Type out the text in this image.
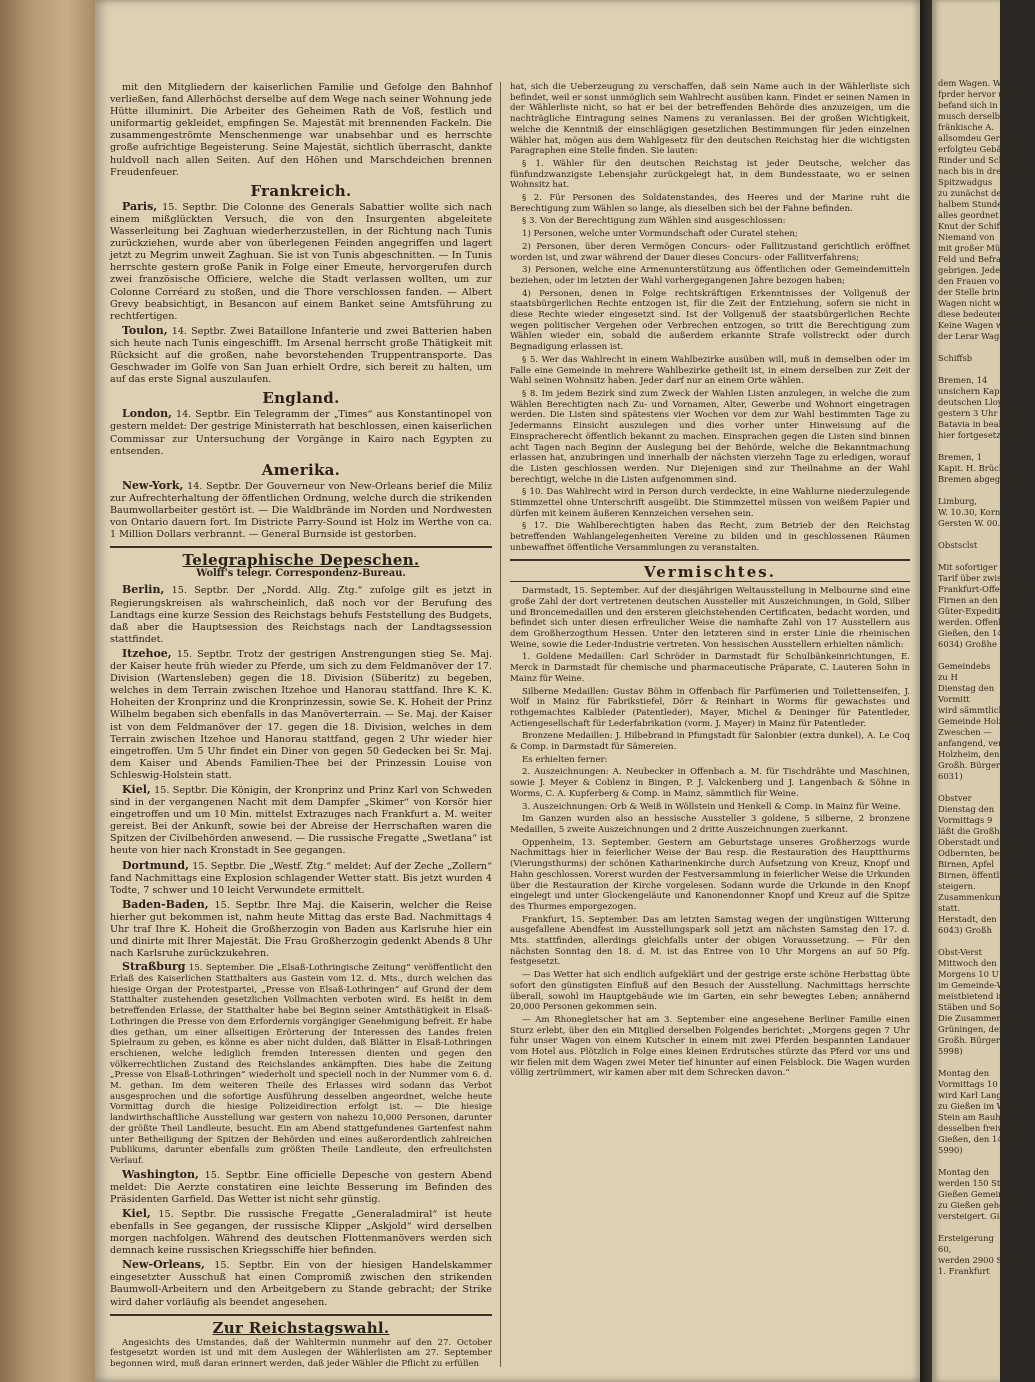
dem Wagen. W
fprder hervor und
befand sich in
musch derselben
fränkische A.
allsomdeu Gericht
erfolgteu Gebäude
Rinder und Schriften
nach bis in dre Fache
Spitzwadgus
zu zunächst der
halbem Stunde
alles geordnet
Knut der Schiffe.
Niemand von
mit großer Mühe
Feld und Befra
gebrigen. Jeder
den Frauen voll
der Stelle bringen
Wagen nicht wieder
diese bedeutend
Keine Wagen wurden
der Lerar Wagen

Schiffsb

Bremen, 14
unsichern Kapit
deutschen Lloyd
gestern 3 Uhr Nach
Batavia in beabsich
hier fortgesetzt. C

Bremen, 1
Kapit. H. Brück,
Bremen abgegangen

Limburg,
W. 10.30, Korn
Gersten W. 00.00,

Obstsclst

Mit sofortiger G
Tarif über zwischen
Frankfurt-Offenbachsc
Firnen an den Buchh
Güter-Expeditionen
werden. Offenba
Gießen, den 14.
6034) Großhe

Gemeindebs
zu H
Dienstag den
Vormitt
wird sämmtliche
Gemeinde Holzhe
Zweschen —
anfangend, verse
Holzheim, den
Großh. Bürgerme
6031)

Obstver
Dienstag den
Vormittags 9
läßt die Großh.
Oberstadt und Arnsb
Odbernten, besteh
Birnen, Apfel
Birnen, öffentlich
steigern.
Zusammenkunft
statt.
Herstadt, den 1
6043) Großh

Obst-Verst
Mittwoch den
Morgens 10 U
im Gemeinde-W
meistbietend in
Stäben und Son
Die Zusammenkun
Grüningen, den
Großh. Bürger
5998)

Montag den
Vormittags 10
wird Karl Lange
zu Gießen im Wald
Stein am Rauhen
desselben freiwillig
Gießen, den 14. S
5990)

Montag den
werden 150 Stück
Gießen Gemeinde
zu Gießen gehörigen
versteigert. Gie

Ersteigerung
60,
werden 2900 Stück
1. Frankfurt

mit den Mitgliedern der kaiserlichen Familie und Gefolge den Bahnhof verließen, fand Allerhöchst derselbe auf dem Wege nach seiner Wohnung jede Hütte illuminirt. Die Arbeiter des Geheimen Rath de Voß, festlich und uniformartig gekleidet, empfingen Se. Majestät mit brennenden Fackeln. Die zusammengeströmte Menschenmenge war unabsehbar und es herrschte große aufrichtige Begeisterung. Seine Majestät, sichtlich überrascht, dankte huldvoll nach allen Seiten. Auf den Höhen und Marschdeichen brennen Freudenfeuer.

Frankreich.

Paris, 15. Septbr. Die Colonne des Generals Sabattier wollte sich nach einem mißglückten Versuch, die von den Insurgenten abgeleitete Wasserleitung bei Zaghuan wiederherzustellen, in der Richtung nach Tunis zurückziehen, wurde aber von überlegenen Feinden angegriffen und lagert jetzt zu Megrim unweit Zaghuan. Sie ist von Tunis abgeschnitten. — In Tunis herrschte gestern große Panik in Folge einer Emeute, hervorgerufen durch zwei französische Officiere, welche die Stadt verlassen wollten, um zur Colonne Corréard zu stoßen, und die Thore verschlossen fanden. — Albert Grevy beabsichtigt, in Besancon auf einem Banket seine Amtsführung zu rechtfertigen.

Toulon, 14. Septbr. Zwei Bataillone Infanterie und zwei Batterien haben sich heute nach Tunis eingeschifft. Im Arsenal herrscht große Thätigkeit mit Rücksicht auf die großen, nahe bevorstehenden Truppentransporte. Das Geschwader im Golfe von San Juan erhielt Ordre, sich bereit zu halten, um auf das erste Signal auszulaufen.

England.

London, 14. Septbr. Ein Telegramm der „Times“ aus Konstantinopel von gestern meldet: Der gestrige Ministerrath hat beschlossen, einen kaiserlichen Commissar zur Untersuchung der Vorgänge in Kairo nach Egypten zu entsenden.

Amerika.

New-York, 14. Septbr. Der Gouverneur von New-Orleans berief die Miliz zur Aufrechterhaltung der öffentlichen Ordnung, welche durch die strikenden Baumwollarbeiter gestört ist. — Die Waldbrände im Norden und Nordwesten von Ontario dauern fort. Im Districte Parry-Sound ist Holz im Werthe von ca. 1 Million Dollars verbrannt. — General Burnside ist gestorben.

Telegraphische Depeschen.
Wolff's telegr. Correspondenz-Bureau.

Berlin, 15. Septbr. Der „Nordd. Allg. Ztg.“ zufolge gilt es jetzt in Regierungskreisen als wahrscheinlich, daß noch vor der Berufung des Landtags eine kurze Session des Reichstags behufs Feststellung des Budgets, daß aber die Hauptsession des Reichstags nach der Landtagssession stattfindet.

Itzehoe, 15. Septbr. Trotz der gestrigen Anstrengungen stieg Se. Maj. der Kaiser heute früh wieder zu Pferde, um sich zu dem Feldmanöver der 17. Division (Wartensleben) gegen die 18. Division (Süberitz) zu begeben, welches in dem Terrain zwischen Itzehoe und Hanorau stattfand. Ihre K. K. Hoheiten der Kronprinz und die Kronprinzessin, sowie Se. K. Hoheit der Prinz Wilhelm begaben sich ebenfalls in das Manöverterrain. — Se. Maj. der Kaiser ist von dem Feldmanöver der 17. gegen die 18. Division, welches in dem Terrain zwischen Itzehoe und Hanorau stattfand, gegen 2 Uhr wieder hier eingetroffen. Um 5 Uhr findet ein Diner von gegen 50 Gedecken bei Sr. Maj. dem Kaiser und Abends Familien-Thee bei der Prinzessin Louise von Schleswig-Holstein statt.

Kiel, 15. Septbr. Die Königin, der Kronprinz und Prinz Karl von Schweden sind in der vergangenen Nacht mit dem Dampfer „Skimer“ von Korsör hier eingetroffen und um 10 Min. mittelst Extrazuges nach Frankfurt a. M. weiter gereist. Bei der Ankunft, sowie bei der Abreise der Herrschaften waren die Spitzen der Civilbehörden anwesend. — Die russische Fregatte „Swetlana“ ist heute von hier nach Kronstadt in See gegangen.

Dortmund, 15. Septbr. Die „Westf. Ztg.“ meldet: Auf der Zeche „Zollern“ fand Nachmittags eine Explosion schlagender Wetter statt. Bis jetzt wurden 4 Todte, 7 schwer und 10 leicht Verwundete ermittelt.

Baden-Baden, 15. Septbr. Ihre Maj. die Kaiserin, welcher die Reise hierher gut bekommen ist, nahm heute Mittag das erste Bad. Nachmittags 4 Uhr traf Ihre K. Hoheit die Großherzogin von Baden aus Karlsruhe hier ein und dinirte mit Ihrer Majestät. Die Frau Großherzogin gedenkt Abends 8 Uhr nach Karlsruhe zurückzukehren.

Straßburg 15. September. Die „Elsaß-Lothringische Zeitung“ veröffentlicht den Erlaß des Kaiserlichen Statthalters aus Gastein vom 12. d. Mts., durch welchen das hiesige Organ der Protestpartei, „Presse von Elsaß-Lothringen“ auf Grund der dem Statthalter zustehenden gesetzlichen Vollmachten verboten wird. Es heißt in dem betreffenden Erlasse, der Statthalter habe bei Beginn seiner Amtsthätigkeit in Elsaß-Lothringen die Presse von dem Erfordernis vorgängiger Genehmigung befreit. Er habe dies gethan, um einer allseitigen Erörterung der Interessen des Landes freien Spielraum zu geben, es könne es aber nicht dulden, daß Blätter in Elsaß-Lothringen erschienen, welche lediglich fremden Interessen dienten und gegen den völkerrechtlichen Zustand des Reichslandes ankämpften. Dies habe die Zeitung „Presse von Elsaß-Lothringen“ wiederholt und speciell noch in der Nummer vom 6. d. M. gethan. Im dem weiteren Theile des Erlasses wird sodann das Verbot ausgesprochen und die sofortige Ausführung desselben angeordnet, welche heute Vormittag durch die hiesige Polizeidirection erfolgt ist. — Die hiesige landwirthschaftliche Ausstellung war gestern von nahezu 10,000 Personen, darunter der größte Theil Landleute, besucht. Ein am Abend stattgefundenes Gartenfest nahm unter Betheiligung der Spitzen der Behörden und eines außerordentlich zahlreichen Publikums, darunter ebenfalls zum größten Theile Landleute, den erfreulichsten Verlauf.

Washington, 15. Septbr. Eine officielle Depesche von gestern Abend meldet: Die Aerzte constatiren eine leichte Besserung im Befinden des Präsidenten Garfield. Das Wetter ist nicht sehr günstig.

Kiel, 15. Septbr. Die russische Fregatte „Generaladmiral“ ist heute ebenfalls in See gegangen, der russische Klipper „Askjold“ wird derselben morgen nachfolgen. Während des deutschen Flottenmanövers werden sich demnach keine russischen Kriegsschiffe hier befinden.

New-Orleans, 15. Septbr. Ein von der hiesigen Handelskammer eingesetzter Ausschuß hat einen Compromiß zwischen den strikenden Baumwoll-Arbeitern und den Arbeitgebern zu Stande gebracht; der Strike wird daher vorläufig als beendet angesehen.

Zur Reichstagswahl.

Angesichts des Umstandes, daß der Wahltermin nunmehr auf den 27. October festgesetzt worden ist und mit dem Auslegen der Wählerlisten am 27. September begonnen wird, muß daran erinnert werden, daß jeder Wähler die Pflicht zu erfüllen

hat, sich die Ueberzeugung zu verschaffen, daß sein Name auch in der Wählerliste sich befindet, weil er sonst unmöglich sein Wahlrecht ausüben kann. Findet er seinen Namen in der Wählerliste nicht, so hat er bei der betreffenden Behörde dies anzuzeigen, um die nachträgliche Eintragung seines Namens zu veranlassen. Bei der großen Wichtigkeit, welche die Kenntniß der einschlägigen gesetzlichen Bestimmungen für jeden einzelnen Wähler hat, mögen aus dem Wahlgesetz für den deutschen Reichstag hier die wichtigsten Paragraphen eine Stelle finden. Sie lauten:

§ 1. Wähler für den deutschen Reichstag ist jeder Deutsche, welcher das fünfundzwanzigste Lebensjahr zurückgelegt hat, in dem Bundesstaate, wo er seinen Wohnsitz hat.

§ 2. Für Personen des Soldatenstandes, des Heeres und der Marine ruht die Berechtigung zum Wählen so lange, als dieselben sich bei der Fahne befinden.

§ 3. Von der Berechtigung zum Wählen sind ausgeschlossen:

1) Personen, welche unter Vormundschaft oder Curatel stehen;

2) Personen, über deren Vermögen Concurs- oder Fallitzustand gerichtlich eröffnet worden ist, und zwar während der Dauer dieses Concurs- oder Fallitverfahrens;

3) Personen, welche eine Armenunterstützung aus öffentlichen oder Gemeindemitteln beziehen, oder im letzten der Wahl vorhergegangenen Jahre bezogen haben;

4) Personen, denen in Folge rechtskräftigen Erkenntnisses der Vollgenuß der staatsbürgerlichen Rechte entzogen ist, für die Zeit der Entziehung, sofern sie nicht in diese Rechte wieder eingesetzt sind. Ist der Vollgenuß der staatsbürgerlichen Rechte wegen politischer Vergehen oder Verbrechen entzogen, so tritt die Berechtigung zum Wählen wieder ein, sobald die außerdem erkannte Strafe vollstreckt oder durch Begnadigung erlassen ist.

§ 5. Wer das Wahlrecht in einem Wahlbezirke ausüben will, muß in demselben oder im Falle eine Gemeinde in mehrere Wahlbezirke getheilt ist, in einem derselben zur Zeit der Wahl seinen Wohnsitz haben. Jeder darf nur an einem Orte wählen.

§ 8. Im jedem Bezirk sind zum Zweck der Wahlen Listen anzulegen, in welche die zum Wählen Berechtigten nach Zu- und Vornamen, Alter, Gewerbe und Wohnort eingetragen werden. Die Listen sind spätestens vier Wochen vor dem zur Wahl bestimmten Tage zu Jedermanns Einsicht auszulegen und dies vorher unter Hinweisung auf die Einspracherecht öffentlich bekannt zu machen. Einsprachen gegen die Listen sind binnen acht Tagen nach Beginn der Auslegung bei der Behörde, welche die Bekanntmachung erlassen hat, anzubringen und innerhalb der nächsten vierzehn Tage zu erledigen, worauf die Listen geschlossen werden. Nur Diejenigen sind zur Theilnahme an der Wahl berechtigt, welche in die Listen aufgenommen sind.

§ 10. Das Wahlrecht wird in Person durch verdeckte, in eine Wahlurne niederzulegende Stimmzettel ohne Unterschrift ausgeübt. Die Stimmzettel müssen von weißem Papier und dürfen mit keinem äußeren Kennzeichen versehen sein.

§ 17. Die Wahlberechtigten haben das Recht, zum Betrieb der den Reichstag betreffenden Wahlangelegenheiten Vereine zu bilden und in geschlossenen Räumen unbewaffnet öffentliche Versammlungen zu veranstalten.

Vermischtes.

Darmstadt, 15. September. Auf der diesjährigen Weltausstellung in Melbourne sind eine große Zahl der dort vertretenen deutschen Aussteller mit Auszeichnungen, in Gold, Silber und Broncemedaillen und den ersteren gleichstehenden Certificaten, bedacht worden, und befindet sich unter diesen erfreulicher Weise die namhafte Zahl von 17 Ausstellern aus dem Großherzogthum Hessen. Unter den letzteren sind in erster Linie die rheinischen Weine, sowie die Leder-Industrie vertreten. Von hessischen Ausstellern erhielten nämlich:

1. Goldene Medaillen: Carl Schröder in Darmstadt für Schulbänkeinrichtungen, E. Merck in Darmstadt für chemische und pharmaceutische Präparate, C. Lauteren Sohn in Mainz für Weine.

Silberne Medaillen: Gustav Böhm in Offenbach für Parfümerien und Toilettenseifen, J. Wolf in Mainz für Fabrikstiefel, Dörr & Reinhart in Worms für gewachstes und rothgemachtes Kalbleder (Patentleder), Mayer, Michel & Deninger für Patentleder, Actiengesellschaft für Lederfabrikation (vorm. J. Mayer) in Mainz für Patentleder.

Bronzene Medaillen: J. Hilbebrand in Pfungstadt für Salonbier (extra dunkel), A. Le Coq & Comp. in Darmstadt für Sämereien.

Es erhielten ferner:

2. Auszeichnungen: A. Neubecker in Offenbach a. M. für Tischdrähte und Maschinen, sowie J. Meyer & Coblenz in Bingen, P. J. Valckenberg und J. Langenbach & Söhne in Worms, C. A. Kupferberg & Comp. in Mainz, sämmtlich für Weine.

3. Auszeichnungen: Orb & Weiß in Wöllstein und Henkell & Comp. in Mainz für Weine.

Im Ganzen wurden also an hessische Aussteller 3 goldene, 5 silberne, 2 bronzene Medaillen, 5 zweite Auszeichnungen und 2 dritte Auszeichnungen zuerkannt.

Oppenheim, 13. September. Gestern am Geburtstage unseres Großherzogs wurde Nachmittags hier in feierlicher Weise der Bau resp. die Restauration des Hauptthurms (Vierungsthurms) der schönen Katharinenkirche durch Aufsetzung von Kreuz, Knopf und Hahn geschlossen. Vorerst wurden der Festversammlung in feierlicher Weise die Urkunden über die Restauration der Kirche vorgelesen. Sodann wurde die Urkunde in den Knopf eingelegt und unter Glockengeläute und Kanonendonner Knopf und Kreuz auf die Spitze des Thurmes emporgezogen.

Frankfurt, 15. September. Das am letzten Samstag wegen der ungünstigen Witterung ausgefallene Abendfest im Ausstellungspark soll jetzt am nächsten Samstag den 17. d. Mts. stattfinden, allerdings gleichfalls unter der obigen Voraussetzung. — Für den nächsten Sonntag den 18. d. M. ist das Entree von 10 Uhr Morgens an auf 50 Pfg. festgesetzt.

— Das Wetter hat sich endlich aufgeklärt und der gestrige erste schöne Herbsttag übte sofort den günstigsten Einfluß auf den Besuch der Ausstellung. Nachmittags herrschte überall, sowohl im Hauptgebäude wie im Garten, ein sehr bewegtes Leben; annähernd 20,000 Personen gekommen sein.

— Am Rhonegletscher hat am 3. September eine angesehene Berliner Familie einen Sturz erlebt, über den ein Mitglied derselben Folgendes berichtet: „Morgens gegen 7 Uhr fuhr unser Wagen von einem Kutscher in einem mit zwei Pferden bespannten Landauer vom Hotel aus. Plötzlich in Folge eines kleinen Erdrutsches stürzte das Pferd vor uns und wir fielen mit dem Wagen zwei Meter tief hinunter auf einen Felsblock. Die Wagen wurden völlig zertrümmert, wir kamen aber mit dem Schrecken davon.“
